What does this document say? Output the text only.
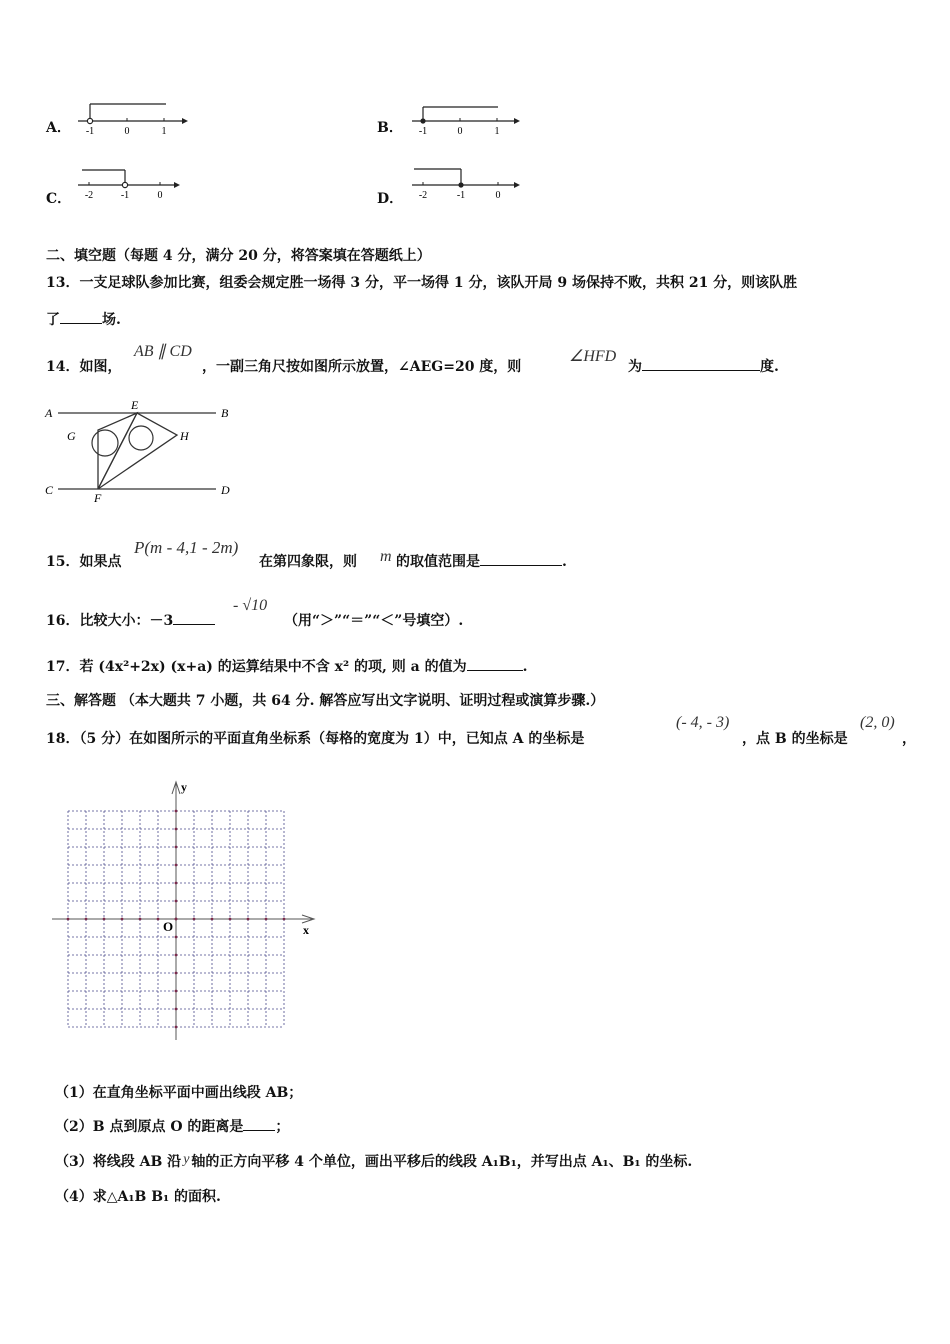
A． -1	0	1	B． -1	0	1
C． -2	-1	0	D． -2	-1	0
二、填空题（每题 4 分，满分 20 分，将答案填在答题纸上）
13．一支足球队参加比赛，组委会规定胜一场得 3 分，平一场得 1 分，该队开局 9 场保持不败，共积 21 分，则该队胜
了	场.
14．如图，
AB ∥ CD
，一副三角尺按如图所示放置，∠AEG=20 度，则
∠HFD
为	度.
A	B
C	D
E
F
G	H
15．如果点
P(m - 4,1 - 2m)
在第四象限，则 m 的取值范围是	.
16．比较大小：－3
- √10
（用“＞”“＝”“＜”号填空）.
17．若 (4x²+2x) (x+a) 的运算结果中不含 x² 的项, 则 a 的值为	.
三、解答题 （本大题共 7 小题，共 64 分. 解答应写出文字说明、证明过程或演算步骤.）
18．（5 分）在如图所示的平面直角坐标系（每格的宽度为 1）中，已知点 A 的坐标是
(- 4, - 3)
，点 B 的坐标是
(2, 0)
，
y
x
O
（1）在直角坐标平面中画出线段 AB；
（2）B 点到原点 O 的距离是 ；
（3）将线段 AB 沿 y 轴的正方向平移 4 个单位，画出平移后的线段 A₁B₁，并写出点 A₁、B₁ 的坐标.
（4）求△A₁B B₁ 的面积.
